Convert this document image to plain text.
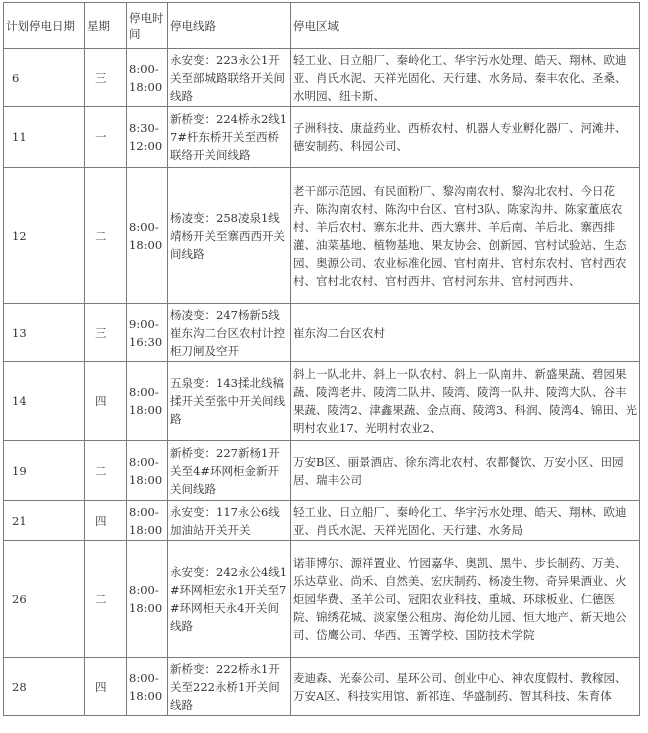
计划停电日期	星期	停电时间	停电线路	停电区域
6	三	8:00-18:00	永安变：223永公1开关至部城路联络开关间线路	轻工业、日立船厂、秦岭化工、华宇污水处理、皓天、翔林、欧迪亚、肖氏水泥、天祥光固化、天行建、水务局、秦丰农化、圣桑、水明园、纽卡斯、
11	一	8:30-12:00	新桥变：224桥永2线17#杆东桥开关至西桥联络开关间线路	子洲科技、康益药业、西桥农村、机器人专业孵化器厂、河滩井、德安制药、科园公司、
12	二	8:00-18:00	杨凌变：258凌泉1线靖杨开关至寨西西开关间线路	老干部示范园、有民面粉厂、黎沟南农村、黎沟北农村、今日花卉、陈沟南农村、陈沟中台区、官村3队、陈家沟井、陈家董底农村、羊后农村、寨东北井、西大寨井、羊后南、羊后北、寨西排灌、油菜基地、植物基地、果友协会、创新园、官村试验站、生态园、奥源公司、农业标准化园、官村南井、官村东农村、官村西农村、官村北农村、官村西井、官村河东井、官村河西井、
13	三	9:00-16:30	杨凌变：247杨新5线崔东沟二台区农村计控柜刀闸及空开	崔东沟二台区农村
14	四	8:00-18:00	五泉变：143揉北线稿揉开关至张中开关间线路	斜上一队北井、斜上一队农村、斜上一队南井、新盛果蔬、碧园果蔬、陵湾老井、陵湾二队井、陵湾、陵湾一队井、陵湾大队、谷丰果蔬、陵湾2、津鑫果蔬、金点商、陵湾3、科润、陵湾4、锦田、光明村农业17、光明村农业2、
19	二	8:00-18:00	新桥变：227新杨1开关至4#环网柜金新开关间线路	万安B区、丽景酒店、徐东湾北农村、农都餐饮、万安小区、田园居、瑞丰公司
21	四	8:00-18:00	永安变：117永公6线加油站开关开关	轻工业、日立船厂、秦岭化工、华宇污水处理、皓天、翔林、欧迪亚、肖氏水泥、天祥光固化、天行建、水务局
26	二	8:00-18:00	永安变：242永公4线1#环网柜宏永1开关至7#环网柜天永4开关间线路	诺菲博尔、源祥置业、竹园嘉华、奥凯、黑牛、步长制药、万美、乐达草业、尚禾、自然美、宏庆制药、杨凌生物、奇异果酒业、火炬园华费、圣羊公司、冠阳农业科技、重城、环球板业、仁德医院、锦绣花城、淡家堡公租房、海伦幼儿园、恒大地产、新天地公司、岱鹰公司、华西、玉箐学校、国防技术学院
28	四	8:00-18:00	新桥变：222桥永1开关至222永桥1开关间线路	麦迪森、光泰公司、星环公司、创业中心、神农度假村、教稼园、万安A区、科技实用馆、新祁连、华盛制药、智其科技、朱育体
